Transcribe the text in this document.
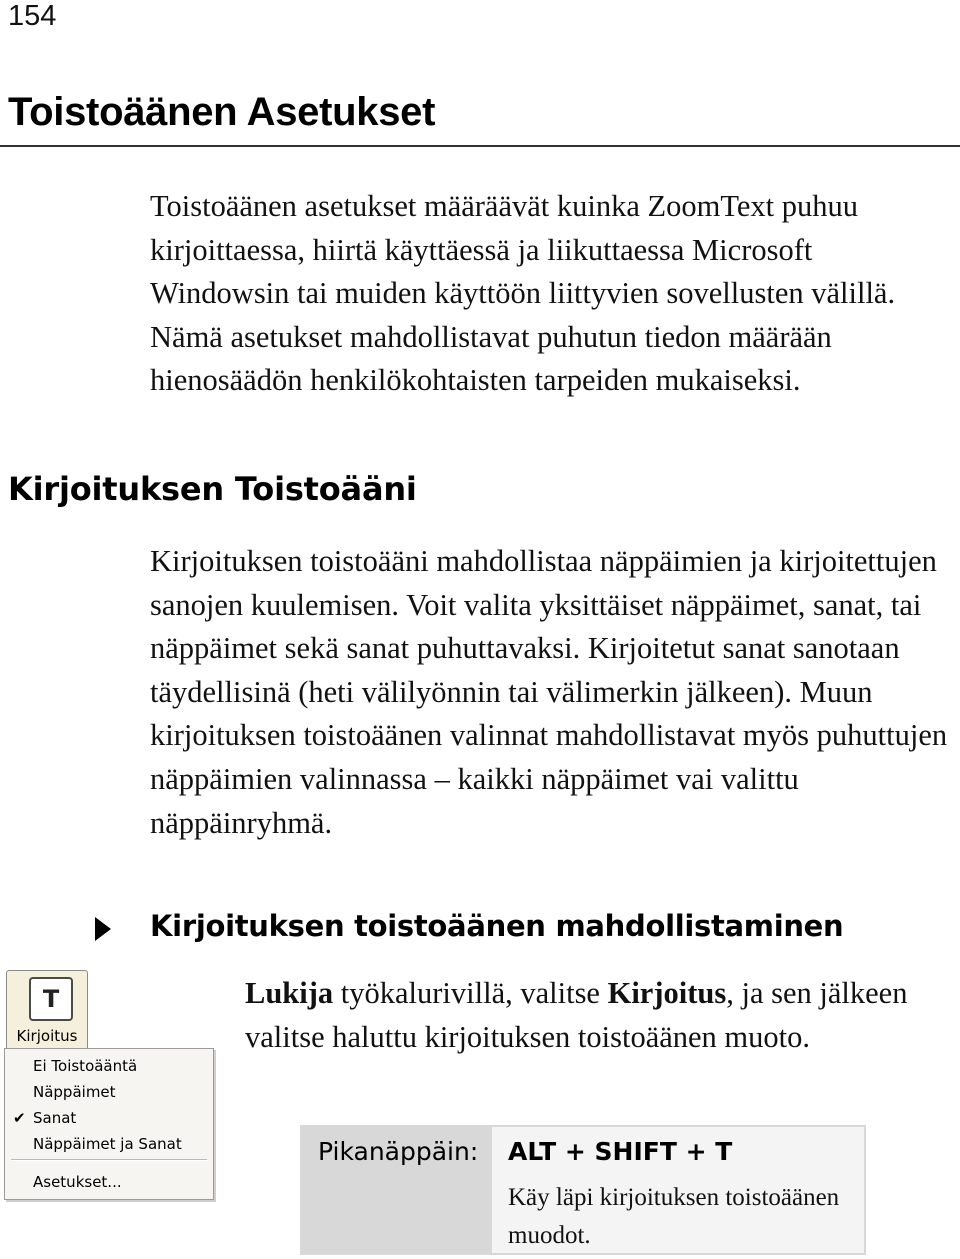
154
Toistoäänen Asetukset
Toistoäänen asetukset määräävät kuinka ZoomText puhuu kirjoittaessa, hiirtä käyttäessä ja liikuttaessa Microsoft Windowsin tai muiden käyttöön liittyvien sovellusten välillä. Nämä asetukset mahdollistavat puhutun tiedon määrään hienosäädön henkilökohtaisten tarpeiden mukaiseksi.
Kirjoituksen Toistoääni
Kirjoituksen toistoääni mahdollistaa näppäimien ja kirjoitettujen sanojen kuulemisen. Voit valita yksittäiset näppäimet, sanat, tai näppäimet sekä sanat puhuttavaksi. Kirjoitetut sanat sanotaan täydellisinä (heti välilyönnin tai välimerkin jälkeen). Muun kirjoituksen toistoäänen valinnat mahdollistavat myös puhuttujen näppäimien valinnassa – kaikki näppäimet vai valittu näppäinryhmä.
Kirjoituksen toistoäänen mahdollistaminen
T
Kirjoitus
Ei Toistoääntä
Näppäimet
✔ Sanat
Näppäimet ja Sanat
Asetukset...
Lukija työkalurivillä, valitse Kirjoitus, ja sen jälkeen valitse haluttu kirjoituksen toistoäänen muoto.
Pikanäppäin: ALT + SHIFT + T
Käy läpi kirjoituksen toistoäänen muodot.
